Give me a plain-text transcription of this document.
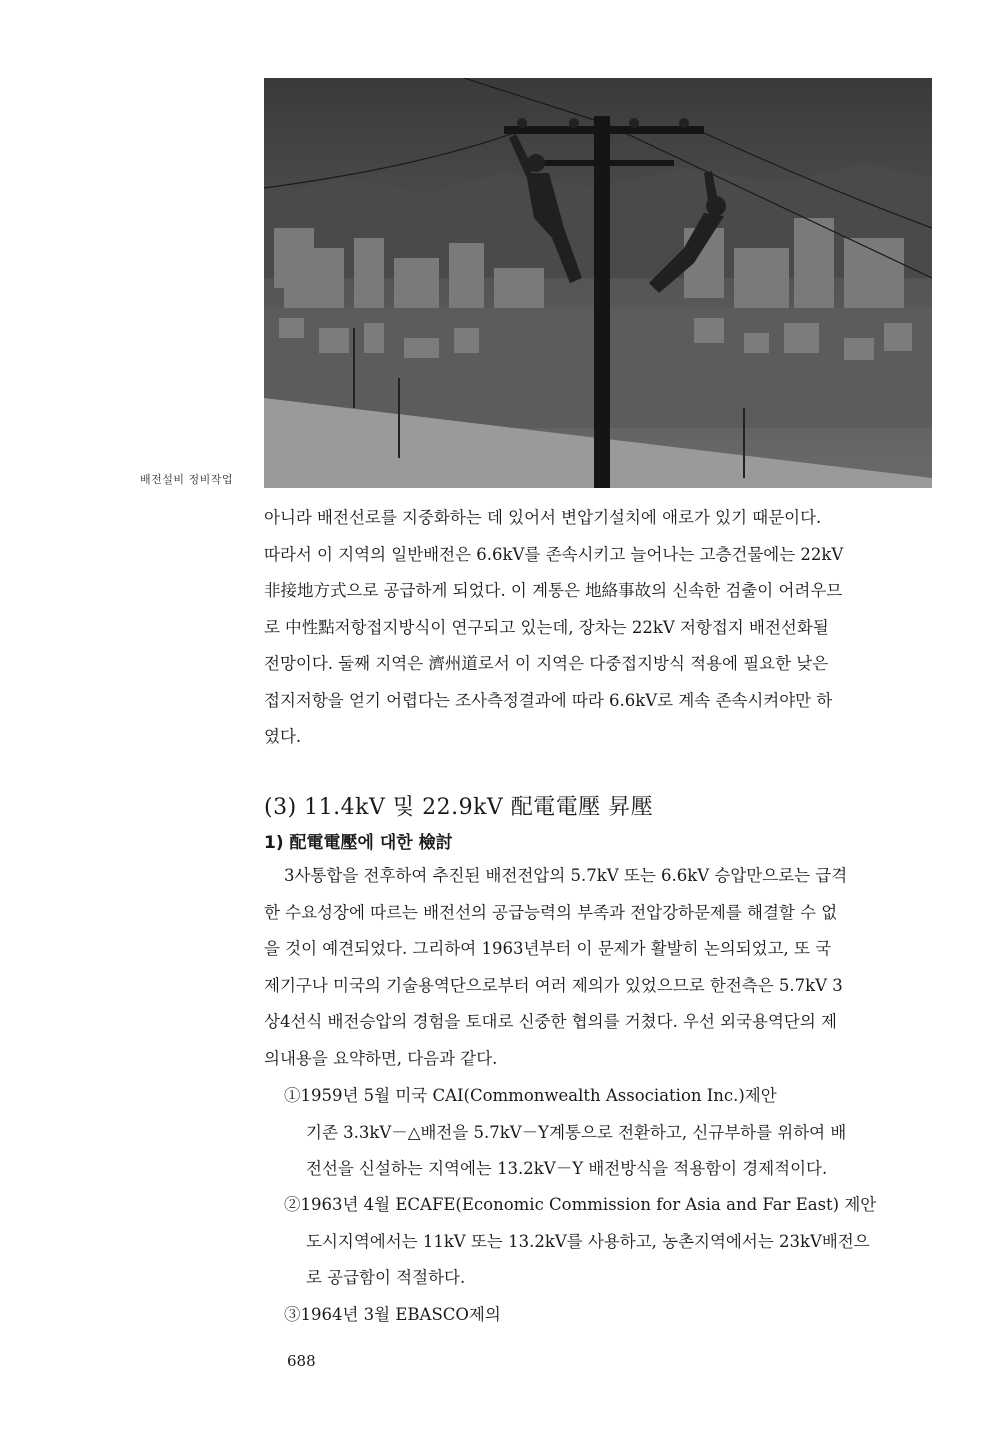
배전설비 정비작업
아니라 배전선로를 지중화하는 데 있어서 변압기설치에 애로가 있기 때문이다.
따라서 이 지역의 일반배전은 6.6kV를 존속시키고 늘어나는 고층건물에는 22kV
非接地方式으로 공급하게 되었다. 이 계통은 地絡事故의 신속한 검출이 어려우므
로 中性點저항접지방식이 연구되고 있는데, 장차는 22kV 저항접지 배전선화될
전망이다. 둘째 지역은 濟州道로서 이 지역은 다중접지방식 적용에 필요한 낮은
접지저항을 얻기 어렵다는 조사측정결과에 따라 6.6kV로 계속 존속시켜야만 하
였다.
(3) 11.4kV 및 22.9kV 配電電壓 昇壓
1) 配電電壓에 대한 檢討
3사통합을 전후하여 추진된 배전전압의 5.7kV 또는 6.6kV 승압만으로는 급격
한 수요성장에 따르는 배전선의 공급능력의 부족과 전압강하문제를 해결할 수 없
을 것이 예견되었다. 그리하여 1963년부터 이 문제가 활발히 논의되었고, 또 국
제기구나 미국의 기술용역단으로부터 여러 제의가 있었으므로 한전측은 5.7kV 3
상4선식 배전승압의 경험을 토대로 신중한 협의를 거쳤다. 우선 외국용역단의 제
의내용을 요약하면, 다음과 같다.
①1959년 5월 미국 CAI(Commonwealth Association Inc.)제안
기존 3.3kV－△배전을 5.7kV－Y계통으로 전환하고, 신규부하를 위하여 배
전선을 신설하는 지역에는 13.2kV－Y 배전방식을 적용함이 경제적이다.
②1963년 4월 ECAFE(Economic Commission for Asia and Far East) 제안
도시지역에서는 11kV 또는 13.2kV를 사용하고, 농촌지역에서는 23kV배전으
로 공급함이 적절하다.
③1964년 3월 EBASCO제의
688
